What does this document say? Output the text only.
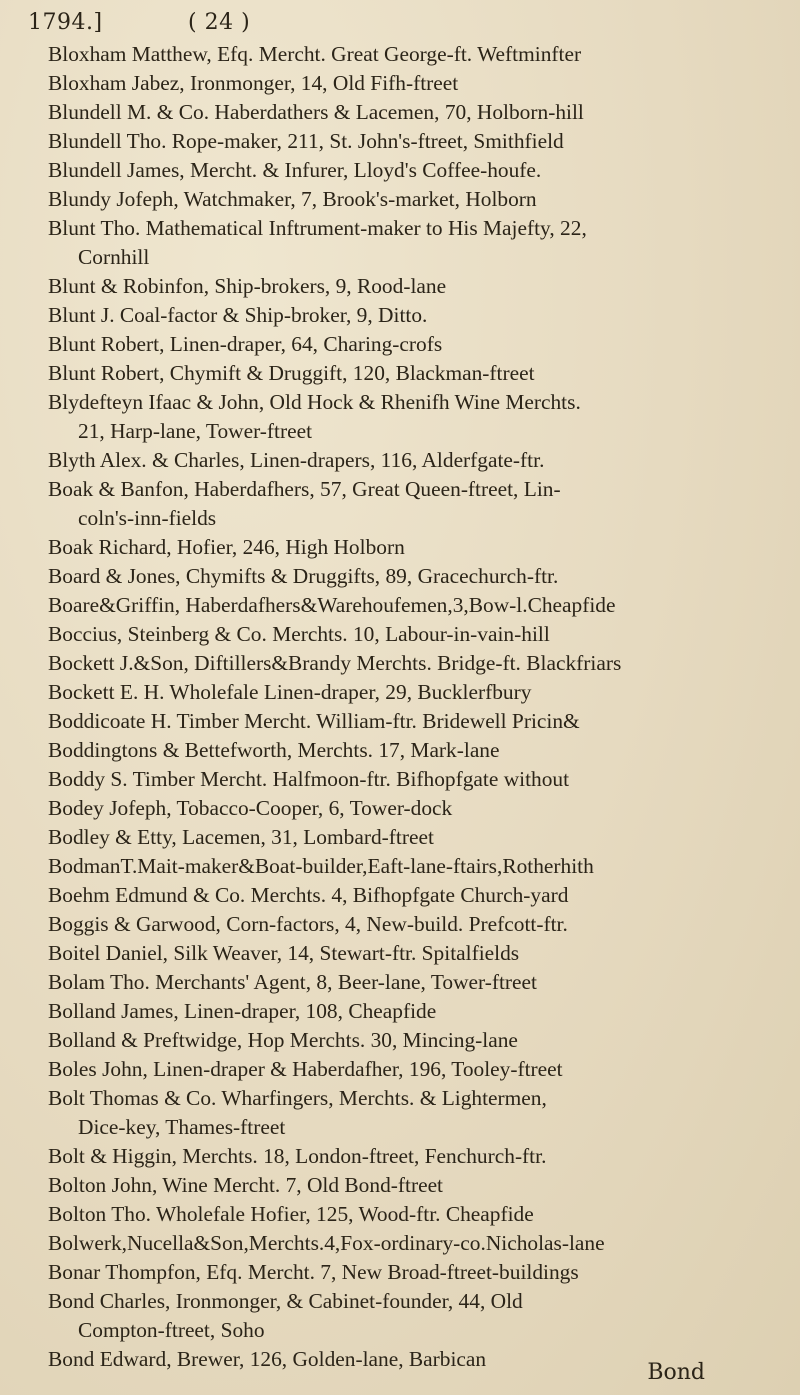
1794.]	( 24 )
Bloxham Matthew, Efq. Mercht. Great George-ft. Weftminfter
Bloxham Jabez, Ironmonger, 14, Old Fifh-ftreet
Blundell M. & Co. Haberdathers & Lacemen, 70, Holborn-hill
Blundell Tho. Rope-maker, 211, St. John's-ftreet, Smithfield
Blundell James, Mercht. & Infurer, Lloyd's Coffee-houfe.
Blundy Jofeph, Watchmaker, 7, Brook's-market, Holborn
Blunt Tho. Mathematical Inftrument-maker to His Majefty, 22,
Cornhill
Blunt & Robinfon, Ship-brokers, 9, Rood-lane
Blunt J. Coal-factor & Ship-broker, 9, Ditto.
Blunt Robert, Linen-draper, 64, Charing-crofs
Blunt Robert, Chymift & Druggift, 120, Blackman-ftreet
Blydefteyn Ifaac & John, Old Hock & Rhenifh Wine Merchts.
21, Harp-lane, Tower-ftreet
Blyth Alex. & Charles, Linen-drapers, 116, Alderfgate-ftr.
Boak & Banfon, Haberdafhers, 57, Great Queen-ftreet, Lin-
coln's-inn-fields
Boak Richard, Hofier, 246, High Holborn
Board & Jones, Chymifts & Druggifts, 89, Gracechurch-ftr.
Boare&Griffin, Haberdafhers&Warehoufemen,3,Bow-l.Cheapfide
Boccius, Steinberg & Co. Merchts. 10, Labour-in-vain-hill
Bockett J.&Son, Diftillers&Brandy Merchts. Bridge-ft. Blackfriars
Bockett E. H. Wholefale Linen-draper, 29, Bucklerfbury
Boddicoate H. Timber Mercht. William-ftr. Bridewell Pricin&
Boddingtons & Bettefworth, Merchts. 17, Mark-lane
Boddy S. Timber Mercht. Halfmoon-ftr. Bifhopfgate without
Bodey Jofeph, Tobacco-Cooper, 6, Tower-dock
Bodley & Etty, Lacemen, 31, Lombard-ftreet
BodmanT.Mait-maker&Boat-builder,Eaft-lane-ftairs,Rotherhith
Boehm Edmund & Co. Merchts. 4, Bifhopfgate Church-yard
Boggis & Garwood, Corn-factors, 4, New-build. Prefcott-ftr.
Boitel Daniel, Silk Weaver, 14, Stewart-ftr. Spitalfields
Bolam Tho. Merchants' Agent, 8, Beer-lane, Tower-ftreet
Bolland James, Linen-draper, 108, Cheapfide
Bolland & Preftwidge, Hop Merchts. 30, Mincing-lane
Boles John, Linen-draper & Haberdafher, 196, Tooley-ftreet
Bolt Thomas & Co. Wharfingers, Merchts. & Lightermen,
Dice-key, Thames-ftreet
Bolt & Higgin, Merchts. 18, London-ftreet, Fenchurch-ftr.
Bolton John, Wine Mercht. 7, Old Bond-ftreet
Bolton Tho. Wholefale Hofier, 125, Wood-ftr. Cheapfide
Bolwerk,Nucella&Son,Merchts.4,Fox-ordinary-co.Nicholas-lane
Bonar Thompfon, Efq. Mercht. 7, New Broad-ftreet-buildings
Bond Charles, Ironmonger, & Cabinet-founder, 44, Old
Compton-ftreet, Soho
Bond Edward, Brewer, 126, Golden-lane, Barbican
Bond
